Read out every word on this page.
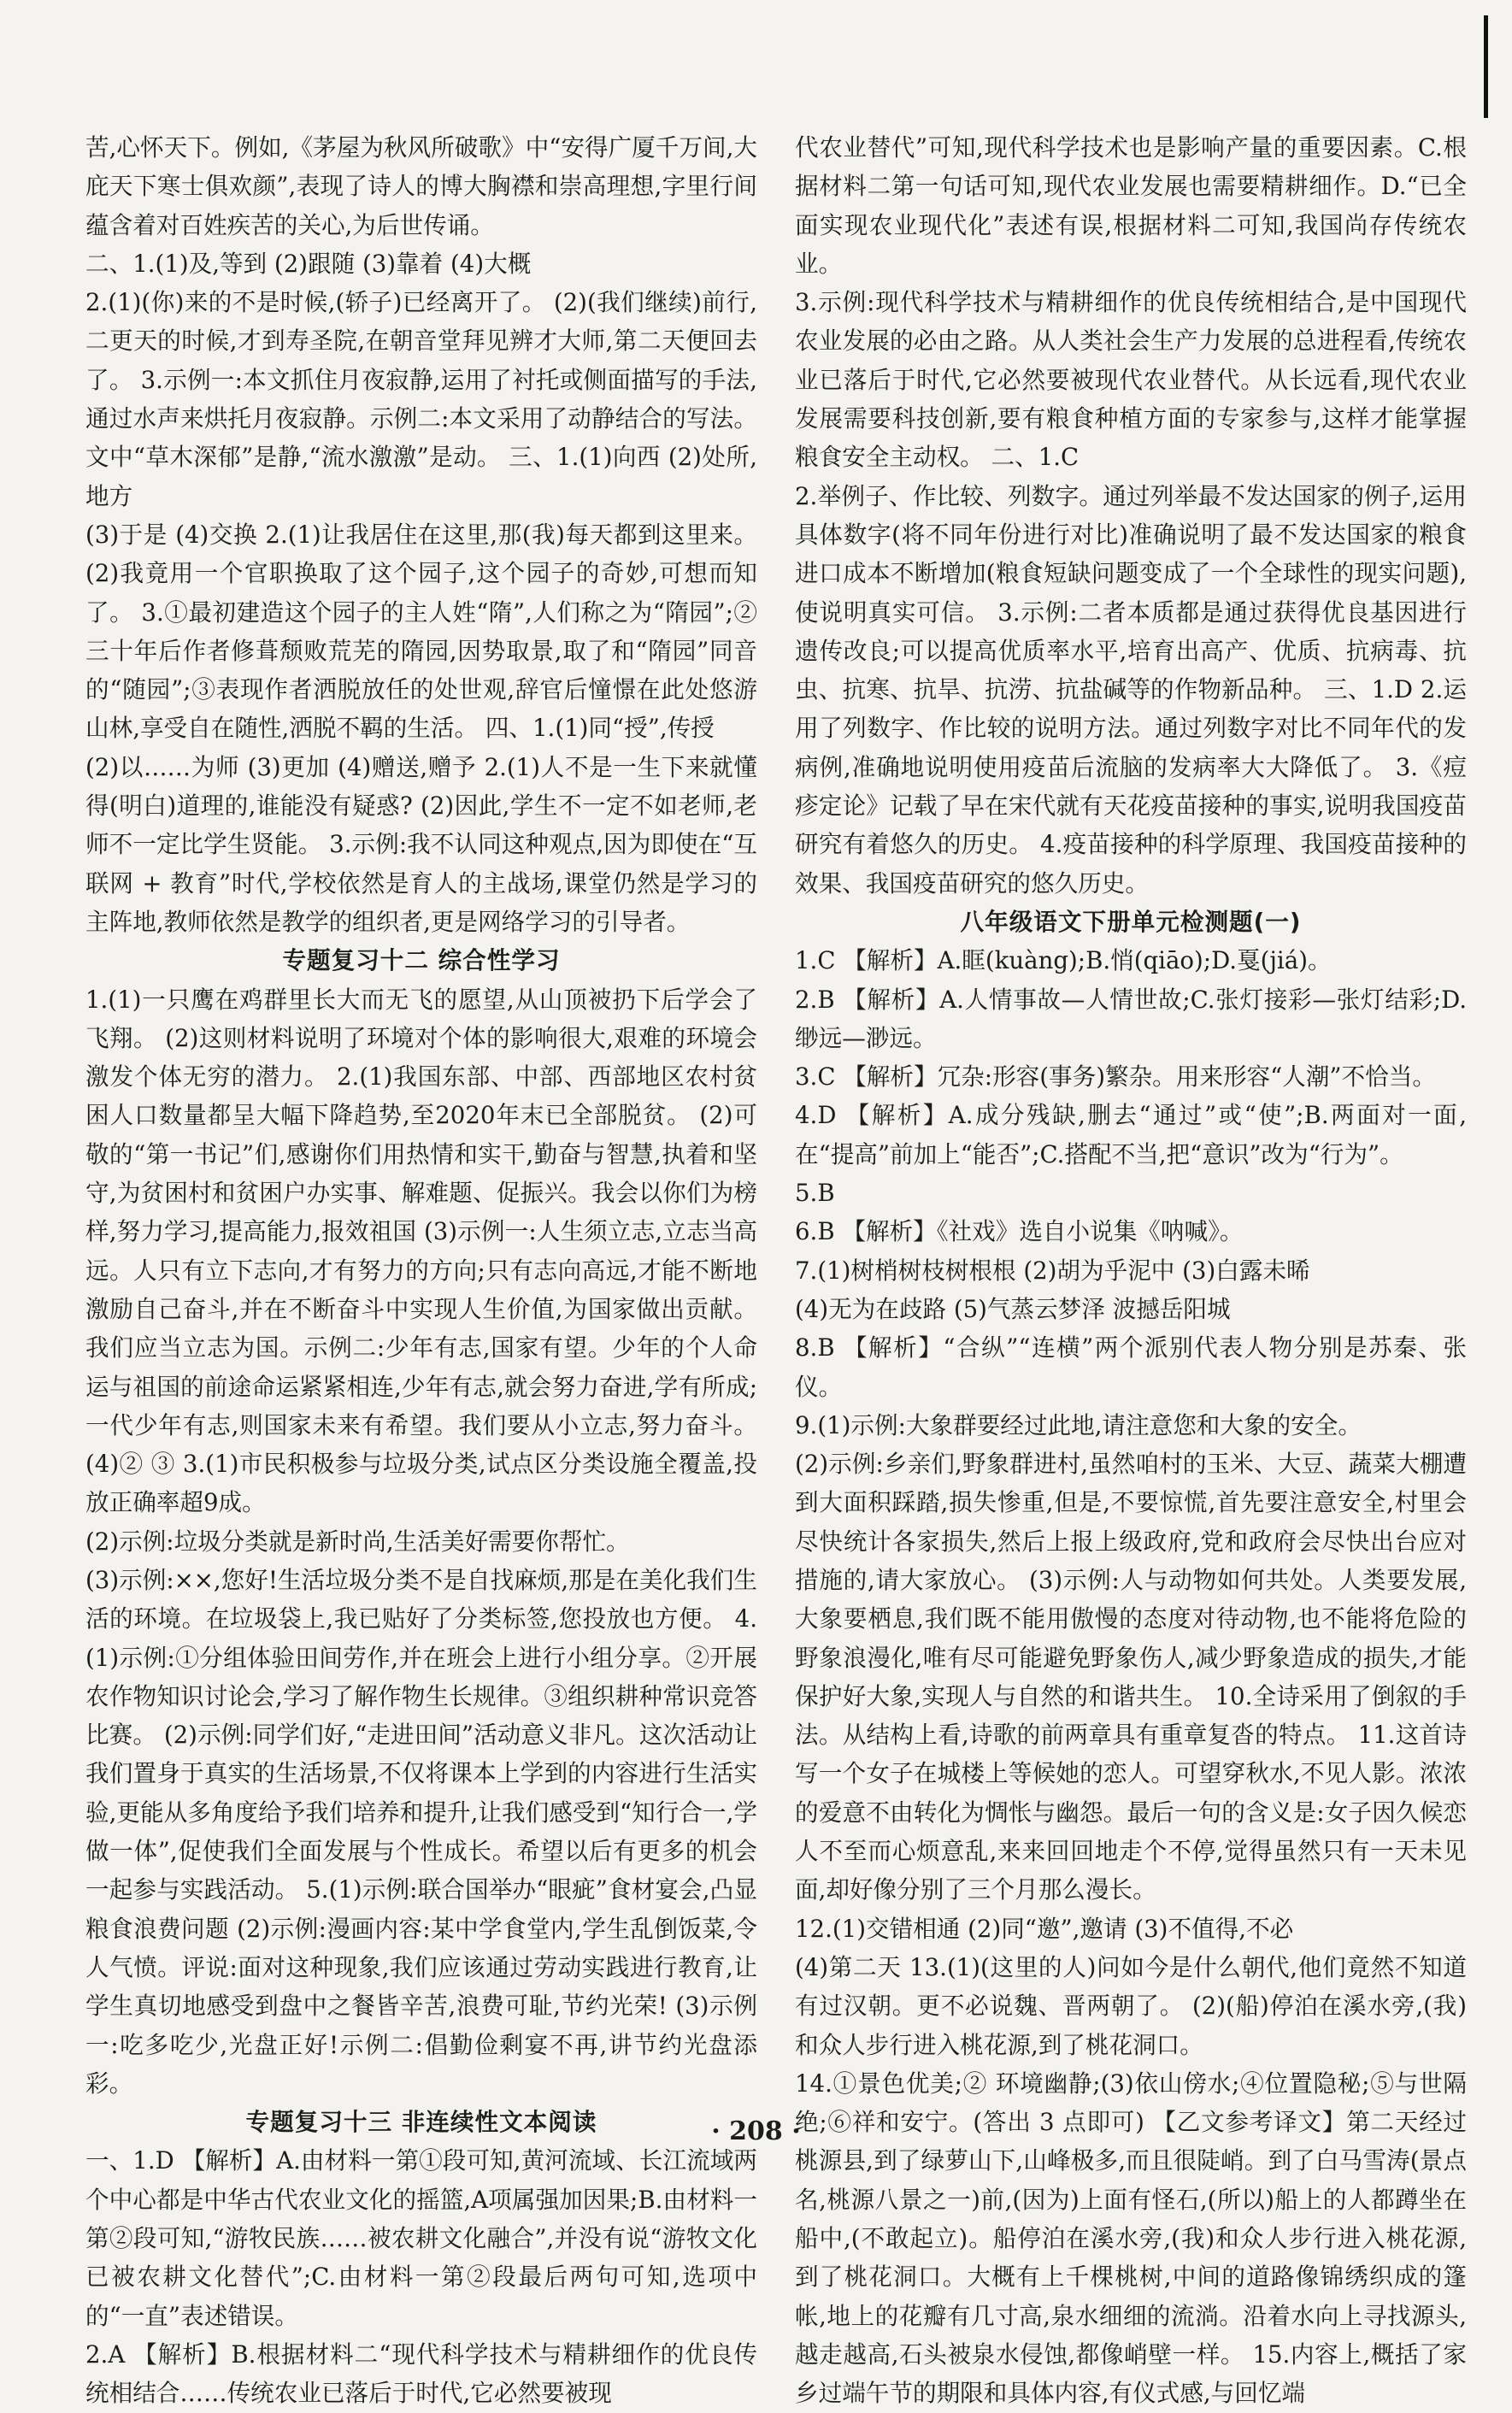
苦,心怀天下。例如,《茅屋为秋风所破歌》中“安得广厦千万间,大庇天下寒士俱欢颜”,表现了诗人的博大胸襟和崇高理想,字里行间蕴含着对百姓疾苦的关心,为后世传诵。

二、1.(1)及,等到 (2)跟随 (3)靠着 (4)大概

2.(1)(你)来的不是时候,(轿子)已经离开了。 (2)(我们继续)前行,二更天的时候,才到寿圣院,在朝音堂拜见辨才大师,第二天便回去了。 3.示例一:本文抓住月夜寂静,运用了衬托或侧面描写的手法,通过水声来烘托月夜寂静。示例二:本文采用了动静结合的写法。文中“草木深郁”是静,“流水激激”是动。 三、1.(1)向西 (2)处所,地方

(3)于是 (4)交换 2.(1)让我居住在这里,那(我)每天都到这里来。 (2)我竟用一个官职换取了这个园子,这个园子的奇妙,可想而知了。 3.①最初建造这个园子的主人姓“隋”,人们称之为“隋园”;②三十年后作者修葺颓败荒芜的隋园,因势取景,取了和“隋园”同音的“随园”;③表现作者洒脱放任的处世观,辞官后憧憬在此处悠游山林,享受自在随性,洒脱不羁的生活。 四、1.(1)同“授”,传授

(2)以……为师 (3)更加 (4)赠送,赠予 2.(1)人不是一生下来就懂得(明白)道理的,谁能没有疑惑? (2)因此,学生不一定不如老师,老师不一定比学生贤能。 3.示例:我不认同这种观点,因为即使在“互联网 + 教育”时代,学校依然是育人的主战场,课堂仍然是学习的主阵地,教师依然是教学的组织者,更是网络学习的引导者。

专题复习十二 综合性学习

1.(1)一只鹰在鸡群里长大而无飞的愿望,从山顶被扔下后学会了飞翔。 (2)这则材料说明了环境对个体的影响很大,艰难的环境会激发个体无穷的潜力。 2.(1)我国东部、中部、西部地区农村贫困人口数量都呈大幅下降趋势,至2020年末已全部脱贫。 (2)可敬的“第一书记”们,感谢你们用热情和实干,勤奋与智慧,执着和坚守,为贫困村和贫困户办实事、解难题、促振兴。我会以你们为榜样,努力学习,提高能力,报效祖国 (3)示例一:人生须立志,立志当高远。人只有立下志向,才有努力的方向;只有志向高远,才能不断地激励自己奋斗,并在不断奋斗中实现人生价值,为国家做出贡献。我们应当立志为国。示例二:少年有志,国家有望。少年的个人命运与祖国的前途命运紧紧相连,少年有志,就会努力奋进,学有所成;一代少年有志,则国家未来有希望。我们要从小立志,努力奋斗。 (4)② ③ 3.(1)市民积极参与垃圾分类,试点区分类设施全覆盖,投放正确率超9成。

(2)示例:垃圾分类就是新时尚,生活美好需要你帮忙。

(3)示例:××,您好!生活垃圾分类不是自找麻烦,那是在美化我们生活的环境。在垃圾袋上,我已贴好了分类标签,您投放也方便。 4.(1)示例:①分组体验田间劳作,并在班会上进行小组分享。②开展农作物知识讨论会,学习了解作物生长规律。③组织耕种常识竞答比赛。 (2)示例:同学们好,“走进田间”活动意义非凡。这次活动让我们置身于真实的生活场景,不仅将课本上学到的内容进行生活实验,更能从多角度给予我们培养和提升,让我们感受到“知行合一,学做一体”,促使我们全面发展与个性成长。希望以后有更多的机会一起参与实践活动。 5.(1)示例:联合国举办“眼疵”食材宴会,凸显粮食浪费问题 (2)示例:漫画内容:某中学食堂内,学生乱倒饭菜,令人气愤。评说:面对这种现象,我们应该通过劳动实践进行教育,让学生真切地感受到盘中之餐皆辛苦,浪费可耻,节约光荣! (3)示例一:吃多吃少,光盘正好!示例二:倡勤俭剩宴不再,讲节约光盘添彩。

专题复习十三 非连续性文本阅读

一、1.D 【解析】A.由材料一第①段可知,黄河流域、长江流域两个中心都是中华古代农业文化的摇篮,A项属强加因果;B.由材料一第②段可知,“游牧民族……被农耕文化融合”,并没有说“游牧文化已被农耕文化替代”;C.由材料一第②段最后两句可知,选项中的“一直”表述错误。

2.A 【解析】B.根据材料二“现代科学技术与精耕细作的优良传统相结合……传统农业已落后于时代,它必然要被现

代农业替代”可知,现代科学技术也是影响产量的重要因素。C.根据材料二第一句话可知,现代农业发展也需要精耕细作。D.“已全面实现农业现代化”表述有误,根据材料二可知,我国尚存传统农业。

3.示例:现代科学技术与精耕细作的优良传统相结合,是中国现代农业发展的必由之路。从人类社会生产力发展的总进程看,传统农业已落后于时代,它必然要被现代农业替代。从长远看,现代农业发展需要科技创新,要有粮食种植方面的专家参与,这样才能掌握粮食安全主动权。 二、1.C

2.举例子、作比较、列数字。通过列举最不发达国家的例子,运用具体数字(将不同年份进行对比)准确说明了最不发达国家的粮食进口成本不断增加(粮食短缺问题变成了一个全球性的现实问题),使说明真实可信。 3.示例:二者本质都是通过获得优良基因进行遗传改良;可以提高优质率水平,培育出高产、优质、抗病毒、抗虫、抗寒、抗旱、抗涝、抗盐碱等的作物新品种。 三、1.D 2.运用了列数字、作比较的说明方法。通过列数字对比不同年代的发病例,准确地说明使用疫苗后流脑的发病率大大降低了。 3.《痘疹定论》记载了早在宋代就有天花疫苗接种的事实,说明我国疫苗研究有着悠久的历史。 4.疫苗接种的科学原理、我国疫苗接种的效果、我国疫苗研究的悠久历史。

八年级语文下册单元检测题(一)

1.C 【解析】A.眶(kuàng);B.悄(qiāo);D.戛(jiá)。

2.B 【解析】A.人情事故—人情世故;C.张灯接彩—张灯结彩;D.缈远—渺远。

3.C 【解析】冗杂:形容(事务)繁杂。用来形容“人潮”不恰当。

4.D 【解析】A.成分残缺,删去“通过”或“使”;B.两面对一面,在“提高”前加上“能否”;C.搭配不当,把“意识”改为“行为”。

5.B

6.B 【解析】《社戏》选自小说集《呐喊》。

7.(1)树梢树枝树根根 (2)胡为乎泥中 (3)白露未晞

(4)无为在歧路 (5)气蒸云梦泽 波撼岳阳城

8.B 【解析】“合纵”“连横”两个派别代表人物分别是苏秦、张仪。

9.(1)示例:大象群要经过此地,请注意您和大象的安全。

(2)示例:乡亲们,野象群进村,虽然咱村的玉米、大豆、蔬菜大棚遭到大面积踩踏,损失惨重,但是,不要惊慌,首先要注意安全,村里会尽快统计各家损失,然后上报上级政府,党和政府会尽快出台应对措施的,请大家放心。 (3)示例:人与动物如何共处。人类要发展,大象要栖息,我们既不能用傲慢的态度对待动物,也不能将危险的野象浪漫化,唯有尽可能避免野象伤人,减少野象造成的损失,才能保护好大象,实现人与自然的和谐共生。 10.全诗采用了倒叙的手法。从结构上看,诗歌的前两章具有重章复沓的特点。 11.这首诗写一个女子在城楼上等候她的恋人。可望穿秋水,不见人影。浓浓的爱意不由转化为惆怅与幽怨。最后一句的含义是:女子因久候恋人不至而心烦意乱,来来回回地走个不停,觉得虽然只有一天未见面,却好像分别了三个月那么漫长。

12.(1)交错相通 (2)同“邀”,邀请 (3)不值得,不必

(4)第二天 13.(1)(这里的人)问如今是什么朝代,他们竟然不知道有过汉朝。更不必说魏、晋两朝了。 (2)(船)停泊在溪水旁,(我)和众人步行进入桃花源,到了桃花洞口。

14.①景色优美;② 环境幽静;(3)依山傍水;④位置隐秘;⑤与世隔绝;⑥祥和安宁。(答出 3 点即可) 【乙文参考译文】第二天经过桃源县,到了绿萝山下,山峰极多,而且很陡峭。到了白马雪涛(景点名,桃源八景之一)前,(因为)上面有怪石,(所以)船上的人都蹲坐在船中,(不敢起立)。船停泊在溪水旁,(我)和众人步行进入桃花源,到了桃花洞口。大概有上千棵桃树,中间的道路像锦绣织成的篷帐,地上的花瓣有几寸高,泉水细细的流淌。沿着水向上寻找源头,越走越高,石头被泉水侵蚀,都像峭壁一样。 15.内容上,概括了家乡过端午节的期限和具体内容,有仪式感,与回忆端

· 208 ·
